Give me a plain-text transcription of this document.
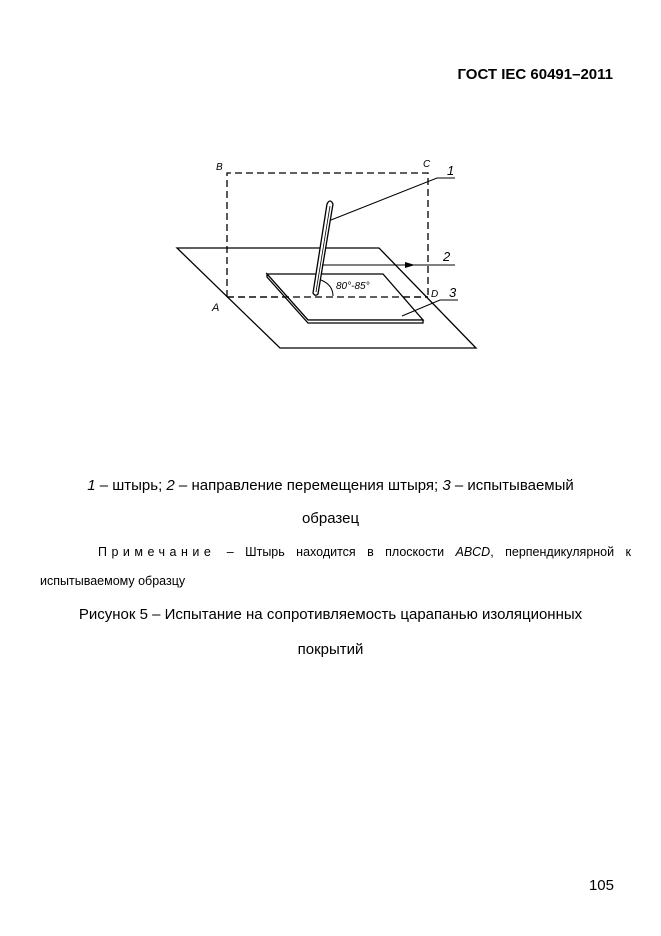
ГОСТ IEC 60491–2011
B	C
A
D
1
2
3
80°-85°
1 – штырь; 2 – направление перемещения штыря; 3 – испытываемый
образец
Примечание – Штырь находится в плоскости ABCD, перпендикулярной к
испытываемому образцу
Рисунок 5 – Испытание на сопротивляемость царапанью изоляционных
покрытий
105
